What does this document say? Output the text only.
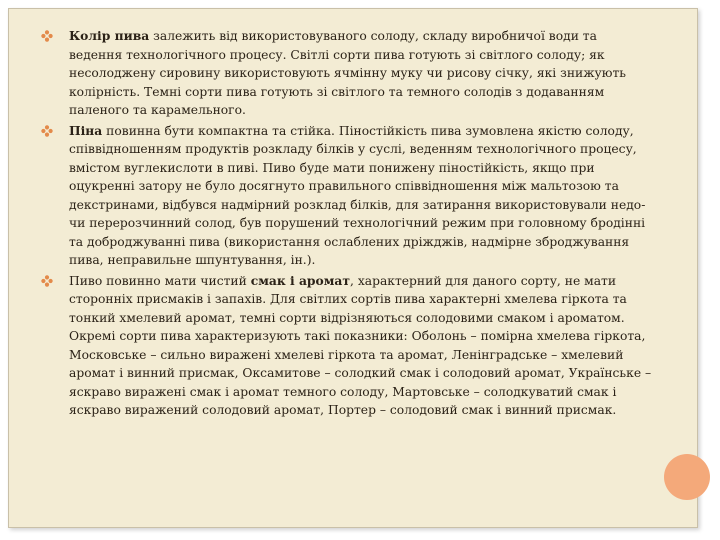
Колір пива залежить від використовуваного солоду, складу виробничої води та ведення технологічного процесу. Світлі сорти пива готують зі світлого солоду; як несолоджену сировину використовують ячмінну муку чи рисову січку, які знижують колірність. Темні сорти пива готують зі світлого та темного солодів з додаванням паленого та карамельного.

Піна повинна бути компактна та стійка. Піностійкість пива зумовлена якістю солоду, співвідношенням продуктів розкладу білків у суслі, веденням технологічного процесу, вмістом вуглекислоти в пиві. Пиво буде мати понижену піностійкість, якщо при оцукренні затору не було досягнуто правильного співвідношення між мальтозою та декстринами, відбувся надмірний розклад білків, для затирання використовували недо-чи перерозчинний солод, був порушений технологічний режим при головному бродінні та доброджуванні пива (використання ослаблених дріжджів, надмірне зброджування пива, неправильне шпунтування, ін.).

Пиво повинно мати чистий смак і аромат, характерний для даного сорту, не мати сторонніх присмаків і запахів. Для світлих сортів пива характерні хмелева гіркота та тонкий хмелевий аромат, темні сорти відрізняються солодовими смаком і ароматом. Окремі сорти пива характеризують такі показники: Оболонь – помірна хмелева гіркота, Московське – сильно виражені хмелеві гіркота та аромат, Ленінградське – хмелевий аромат і винний присмак, Оксамитове – солодкий смак і солодовий аромат, Українське – яскраво виражені смак і аромат темного солоду, Мартовське – солодкуватий смак і яскраво виражений солодовий аромат, Портер – солодовий смак і винний присмак.
